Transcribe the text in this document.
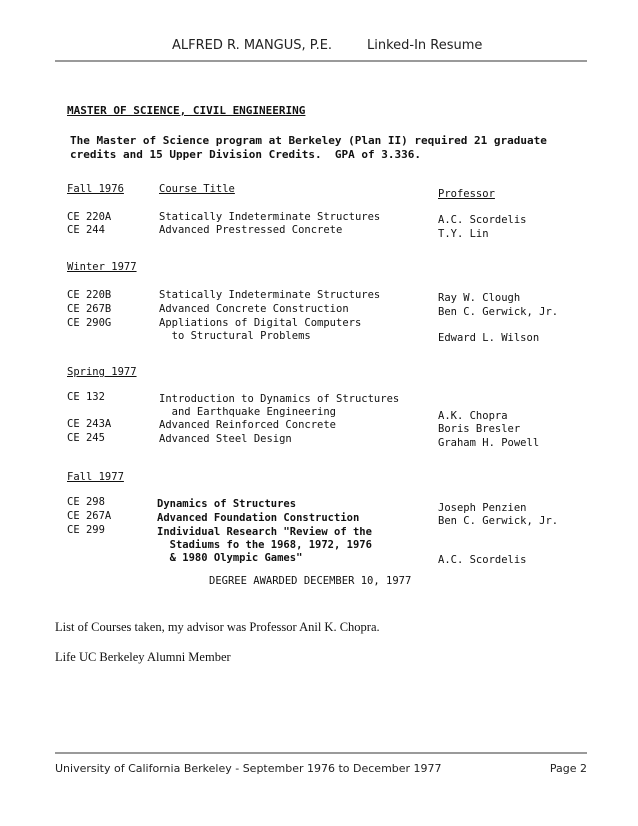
ALFRED R. MANGUS, P.E.	Linked-In Resume
MASTER OF SCIENCE, CIVIL ENGINEERING
The Master of Science program at Berkeley (Plan II) required 21 graduate
credits and 15 Upper Division Credits.  GPA of 3.336.
Fall 1976	Course Title	Professor
CE 220A	Statically Indeterminate Structures	A.C. Scordelis
CE 244	Advanced Prestressed Concrete	T.Y. Lin
Winter 1977
CE 220B	Statically Indeterminate Structures	Ray W. Clough
CE 267B	Advanced Concrete Construction	Ben C. Gerwick, Jr.
CE 290G	Appliations of Digital Computers
to Structural Problems	Edward L. Wilson
Spring 1977
CE 132	Introduction to Dynamics of Structures
and Earthquake Engineering	A.K. Chopra
CE 243A	Advanced Reinforced Concrete	Boris Bresler
CE 245	Advanced Steel Design	Graham H. Powell
Fall 1977
CE 298	Dynamics of Structures	Joseph Penzien
CE 267A	Advanced Foundation Construction	Ben C. Gerwick, Jr.
CE 299	Individual Research "Review of the
Stadiums fo the 1968, 1972, 1976
& 1980 Olympic Games"	A.C. Scordelis
DEGREE AWARDED DECEMBER 10, 1977
List of Courses taken, my advisor was Professor Anil K. Chopra.
Life UC Berkeley Alumni Member
University of California Berkeley - September 1976 to December 1977	Page 2
